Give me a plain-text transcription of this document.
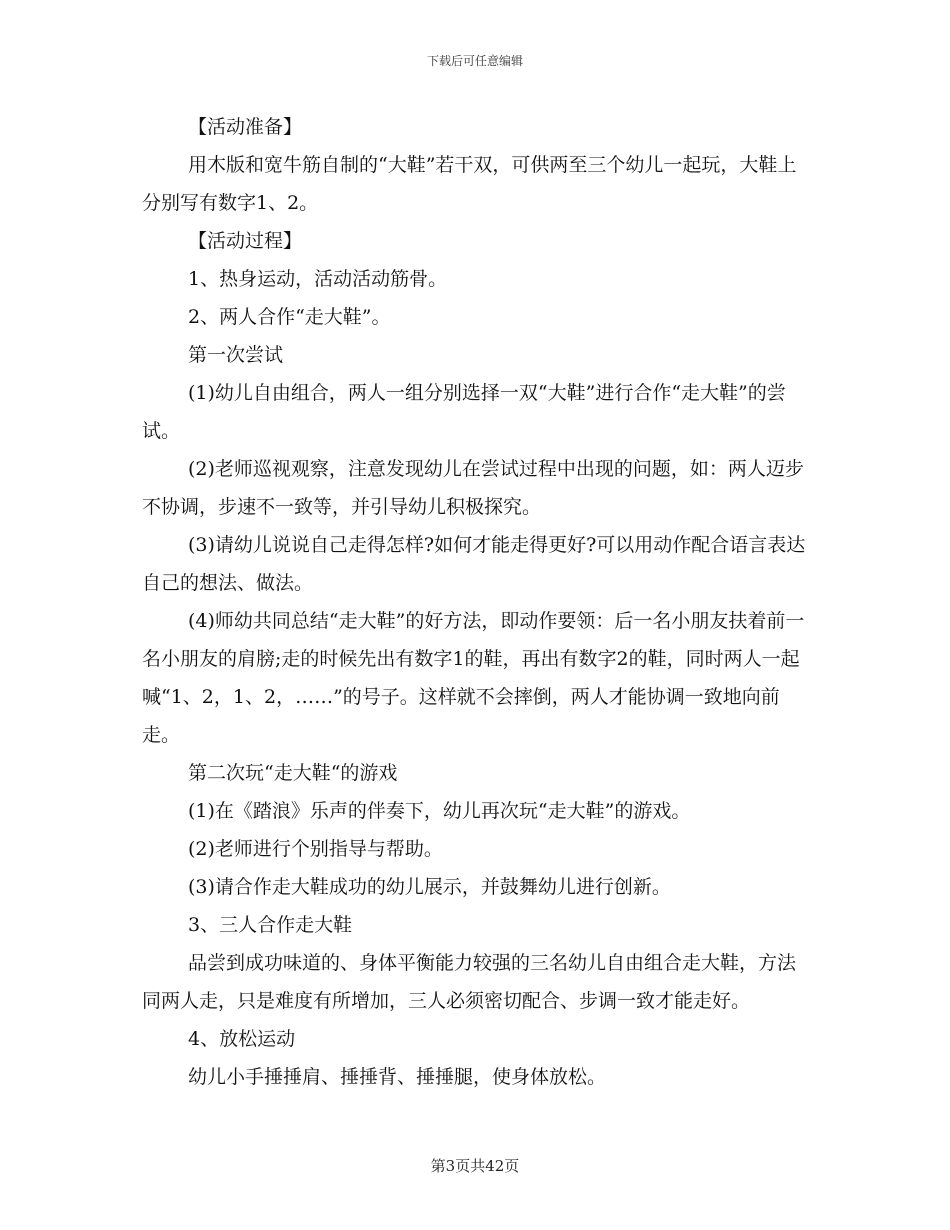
下载后可任意编辑

【活动准备】

用木版和宽牛筋自制的“大鞋”若干双，可供两至三个幼儿一起玩，大鞋上分别写有数字1、2。

【活动过程】

1、热身运动，活动活动筋骨。

2、两人合作“走大鞋”。

第一次尝试

(1)幼儿自由组合，两人一组分别选择一双“大鞋”进行合作“走大鞋”的尝试。

(2)老师巡视观察，注意发现幼儿在尝试过程中出现的问题，如：两人迈步不协调，步速不一致等，并引导幼儿积极探究。

(3)请幼儿说说自己走得怎样?如何才能走得更好?可以用动作配合语言表达自己的想法、做法。

(4)师幼共同总结“走大鞋”的好方法，即动作要领：后一名小朋友扶着前一名小朋友的肩膀;走的时候先出有数字1的鞋，再出有数字2的鞋，同时两人一起喊“1、2，1、2，……”的号子。这样就不会摔倒，两人才能协调一致地向前走。

第二次玩“走大鞋“的游戏

(1)在《踏浪》乐声的伴奏下，幼儿再次玩“走大鞋”的游戏。

(2)老师进行个别指导与帮助。

(3)请合作走大鞋成功的幼儿展示，并鼓舞幼儿进行创新。

3、三人合作走大鞋

品尝到成功味道的、身体平衡能力较强的三名幼儿自由组合走大鞋，方法同两人走，只是难度有所增加，三人必须密切配合、步调一致才能走好。

4、放松运动

幼儿小手捶捶肩、捶捶背、捶捶腿，使身体放松。

第3页共42页
